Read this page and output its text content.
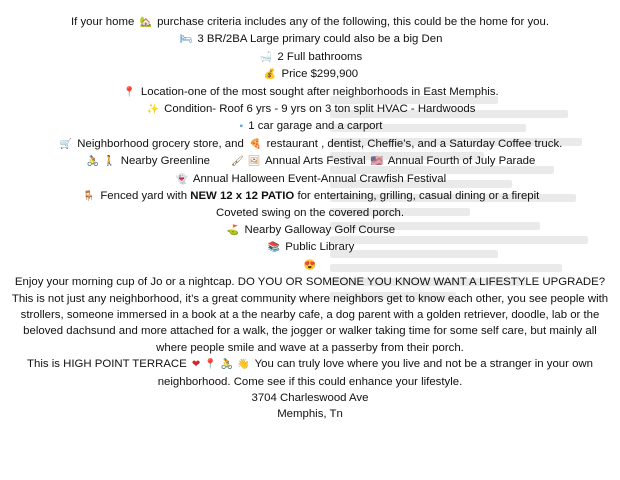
If your home 🏡 purchase criteria includes any of the following, this could be the home for you.
🛏 3 BR/2BA Large primary could also be a big Den
🛁 2 Full bathrooms
💰 Price $299,900
📍 Location-one of the most sought after neighborhoods in East Memphis.
✨ Condition- Roof 6 yrs - 9 yrs on 3 ton split HVAC - Hardwoods
▪ 1 car garage and a carport
🛒 Neighborhood grocery store, and 🍕 restaurant , dentist, Cheffie’s, and a Saturday Coffee truck.
🚴 🚶 Nearby Greenline 🖌 🖼 Annual Arts Festival 🇺🇸 Annual Fourth of July Parade
👻 Annual Halloween Event-Annual Crawfish Festival
🪑 Fenced yard with NEW 12 x 12 PATIO for entertaining, grilling, casual dining or a firepit
Coveted swing on the covered porch.
⛳ Nearby Galloway Golf Course
📚 Public Library
😍
Enjoy your morning cup of Jo or a nightcap. DO YOU OR SOMEONE YOU KNOW WANT A LIFESTYLE UPGRADE? This is not just any neighborhood, it’s a great community where neighbors get to know each other, you see people with strollers, someone immersed in a book at a the nearby cafe, a dog parent with a golden retriever, doodle, lab or the beloved dachsund and more attached for a walk, the jogger or walker taking time for some self care, but mainly all where people smile and wave at a passerby from their porch.
This is HIGH POINT TERRACE ❤ 📍 🚴 👋 You can truly love where you live and not be a stranger in your own neighborhood. Come see if this could enhance your lifestyle.
3704 Charleswood Ave
Memphis, Tn
